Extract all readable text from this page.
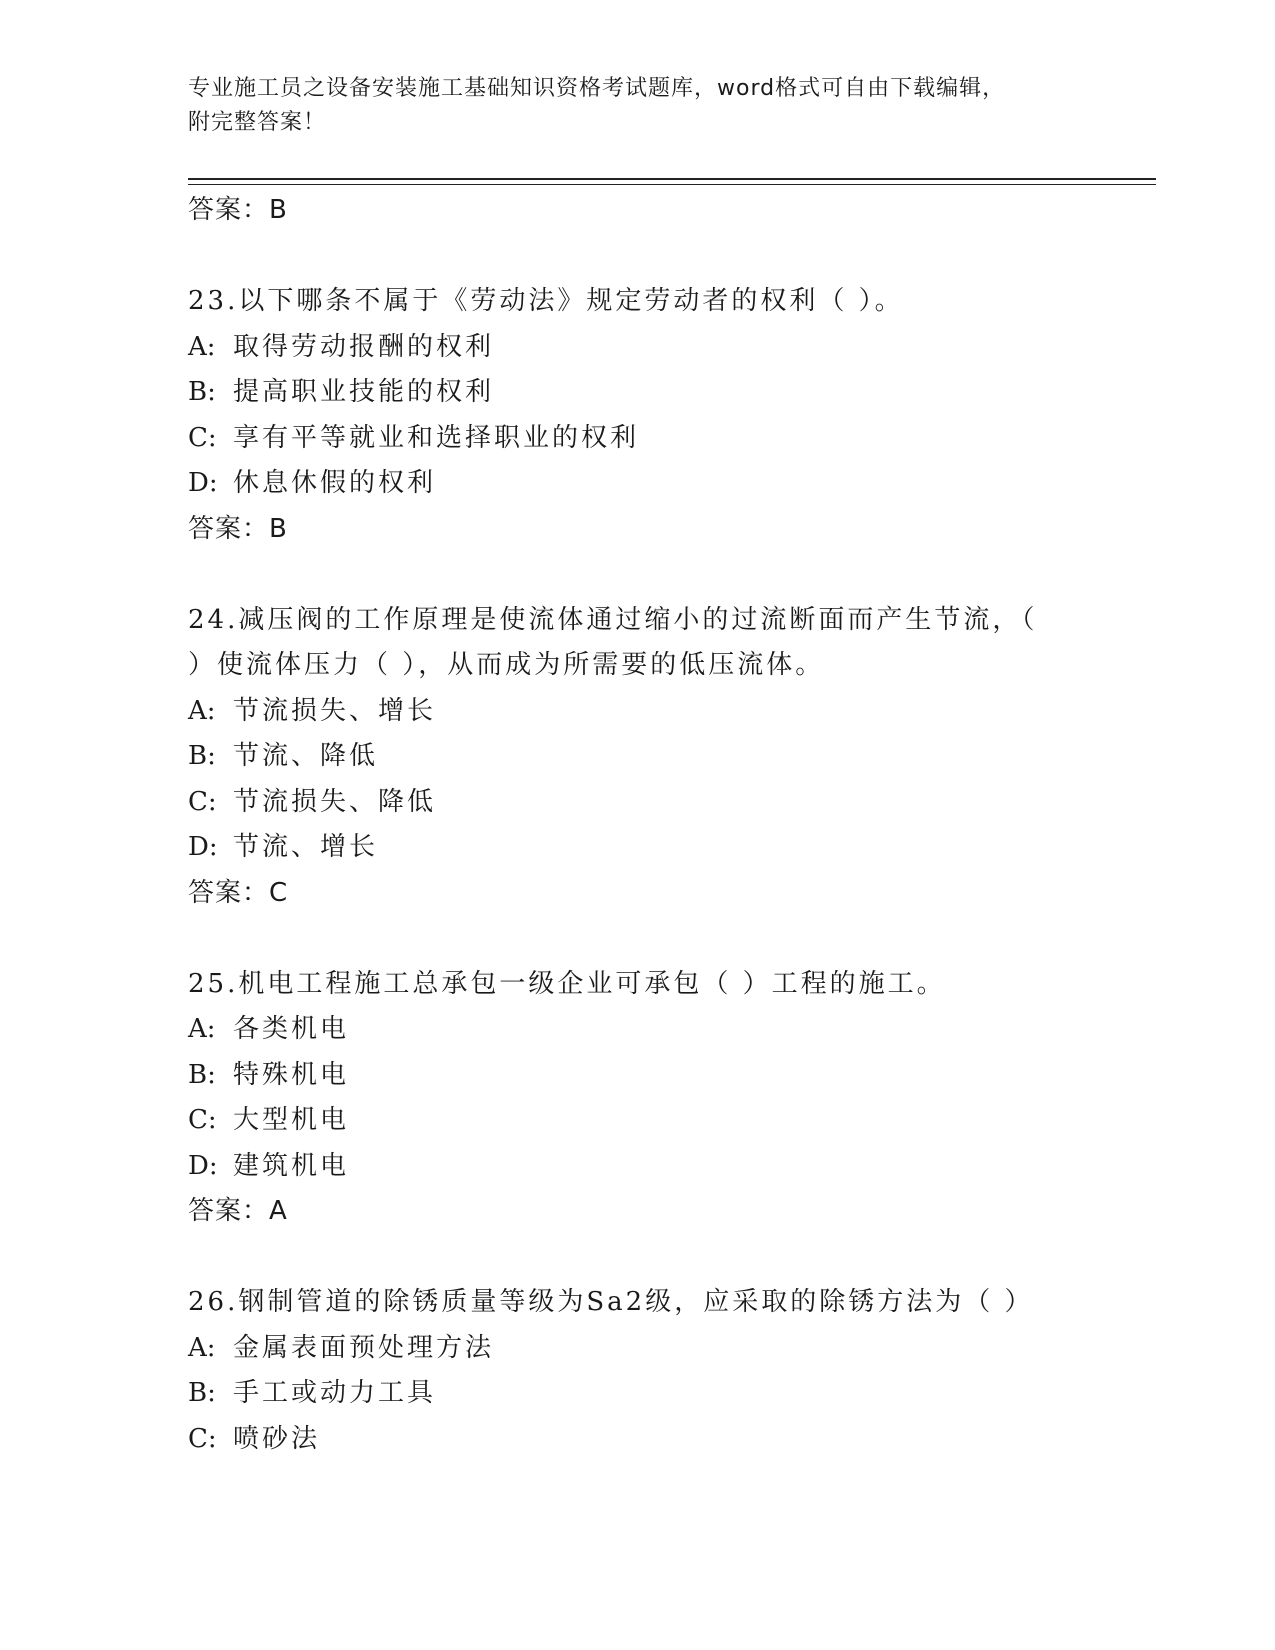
专业施工员之设备安装施工基础知识资格考试题库，word格式可自由下载编辑，
附完整答案！
答案：B
23.以下哪条不属于《劳动法》规定劳动者的权利（ ）。
A: 取得劳动报酬的权利
B: 提高职业技能的权利
C: 享有平等就业和选择职业的权利
D: 休息休假的权利
答案：B
24.减压阀的工作原理是使流体通过缩小的过流断面而产生节流，（
）使流体压力（ ），从而成为所需要的低压流体。
A: 节流损失、增长
B: 节流、降低
C: 节流损失、降低
D: 节流、增长
答案：C
25.机电工程施工总承包一级企业可承包（ ）工程的施工。
A: 各类机电
B: 特殊机电
C: 大型机电
D: 建筑机电
答案：A
26.钢制管道的除锈质量等级为Sa2级，应采取的除锈方法为（ ）
A: 金属表面预处理方法
B: 手工或动力工具
C: 喷砂法
